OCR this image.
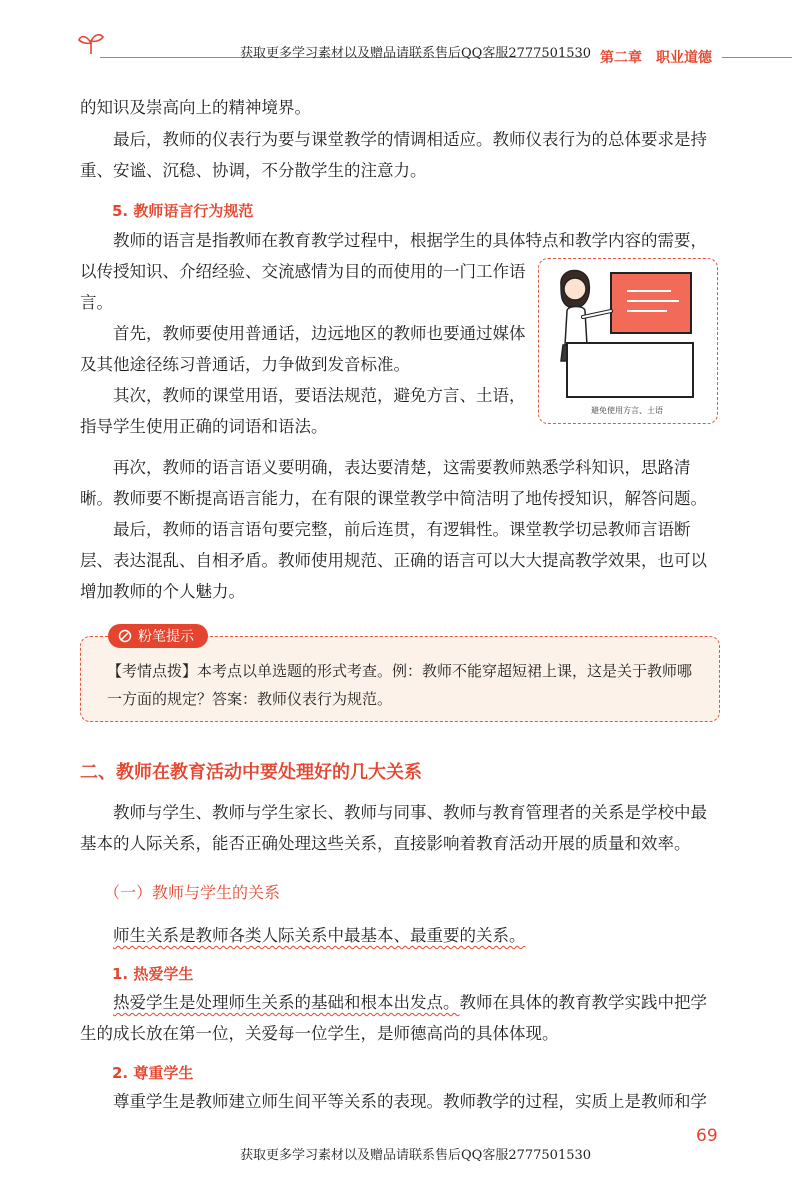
获取更多学习素材以及赠品请联系售后QQ客服2777501530 第二章　职业道德

的知识及崇高向上的精神境界。

最后，教师的仪表行为要与课堂教学的情调相适应。教师仪表行为的总体要求是持重、安谧、沉稳、协调，不分散学生的注意力。

5. 教师语言行为规范

教师的语言是指教师在教育教学过程中，根据学生的具体特点和教学内容的需要，

以传授知识、介绍经验、交流感情为目的而使用的一门工作语言。

首先，教师要使用普通话，边远地区的教师也要通过媒体及其他途径练习普通话，力争做到发音标准。

其次，教师的课堂用语，要语法规范，避免方言、土语，指导学生使用正确的词语和语法。

避免使用方言、土语

再次，教师的语言语义要明确，表达要清楚，这需要教师熟悉学科知识，思路清晰。教师要不断提高语言能力，在有限的课堂教学中简洁明了地传授知识，解答问题。

最后，教师的语言语句要完整，前后连贯，有逻辑性。课堂教学切忌教师言语断层、表达混乱、自相矛盾。教师使用规范、正确的语言可以大大提高教学效果，也可以增加教师的个人魅力。

【考情点拨】本考点以单选题的形式考查。例：教师不能穿超短裙上课，这是关于教师哪一方面的规定？答案：教师仪表行为规范。
粉笔提示
二、教师在教育活动中要处理好的几大关系

教师与学生、教师与学生家长、教师与同事、教师与教育管理者的关系是学校中最基本的人际关系，能否正确处理这些关系，直接影响着教育活动开展的质量和效率。

（一）教师与学生的关系

师生关系是教师各类人际关系中最基本、最重要的关系。

1. 热爱学生

热爱学生是处理师生关系的基础和根本出发点。教师在具体的教育教学实践中把学生的成长放在第一位，关爱每一位学生，是师德高尚的具体体现。

2. 尊重学生

尊重学生是教师建立师生间平等关系的表现。教师教学的过程，实质上是教师和学

69
获取更多学习素材以及赠品请联系售后QQ客服2777501530
